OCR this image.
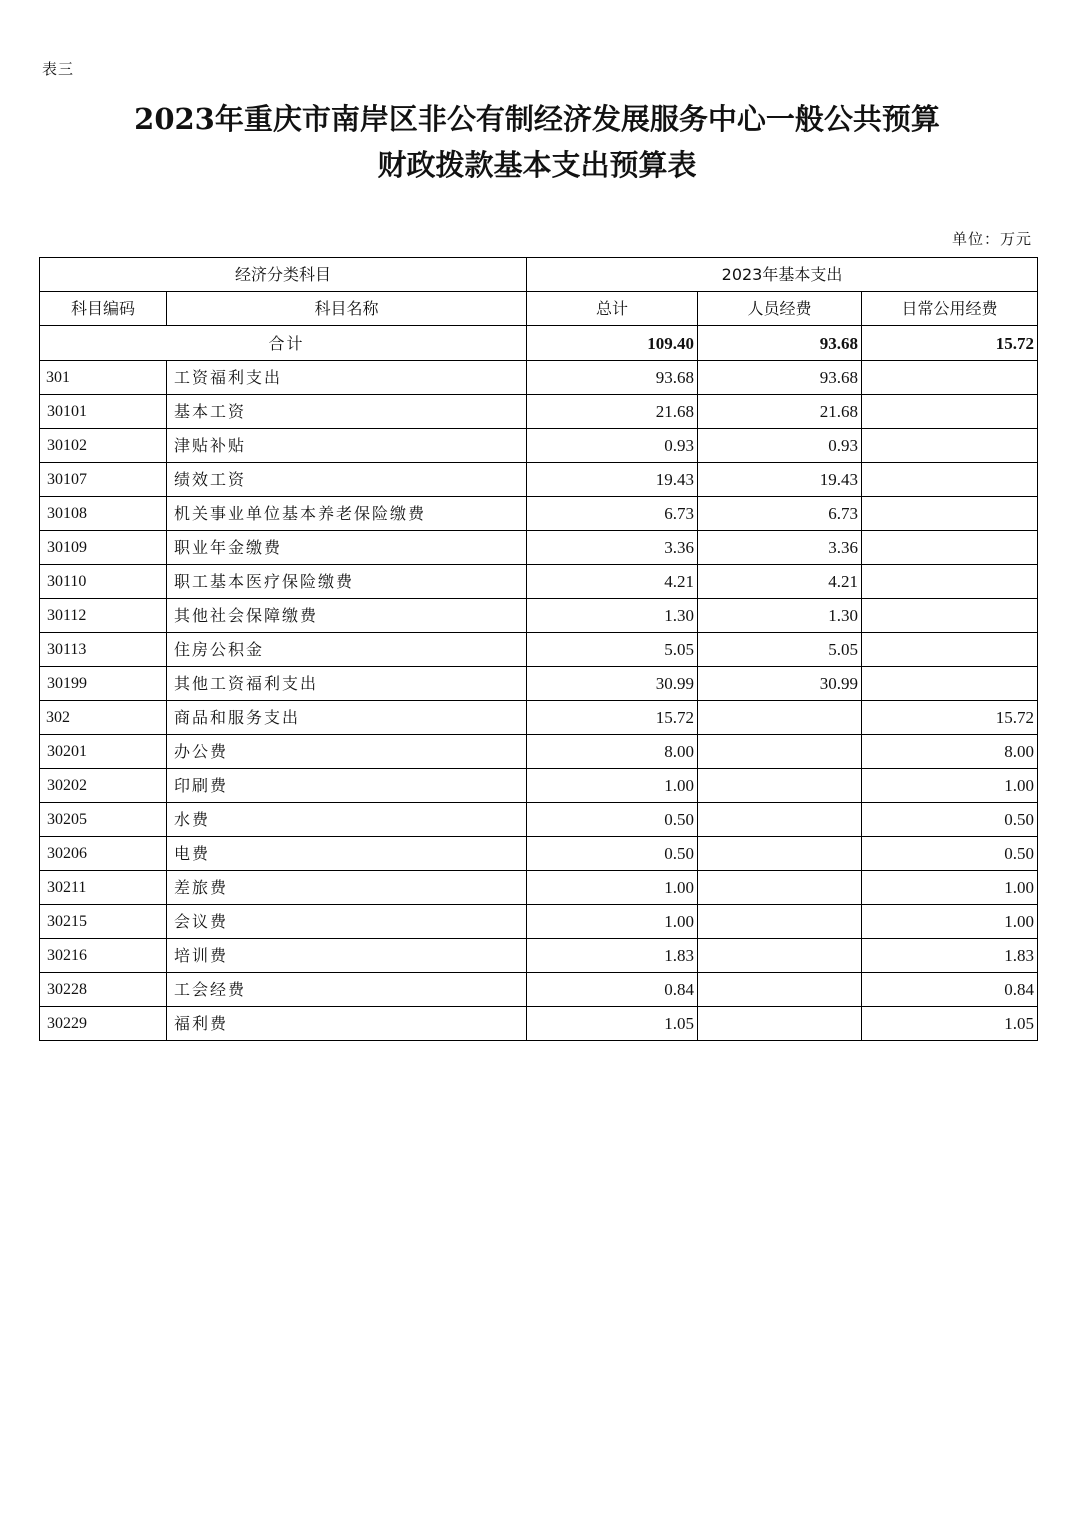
表三
2023年重庆市南岸区非公有制经济发展服务中心一般公共预算
财政拨款基本支出预算表
单位：万元
经济分类科目		2023年基本支出		
科目编码	科目名称	总计	人员经费	日常公用经费
合计		109.40	93.68	15.72
301	工资福利支出	93.68	93.68	
30101	基本工资	21.68	21.68	
30102	津贴补贴	0.93	0.93	
30107	绩效工资	19.43	19.43	
30108	机关事业单位基本养老保险缴费	6.73	6.73	
30109	职业年金缴费	3.36	3.36	
30110	职工基本医疗保险缴费	4.21	4.21	
30112	其他社会保障缴费	1.30	1.30	
30113	住房公积金	5.05	5.05	
30199	其他工资福利支出	30.99	30.99	
302	商品和服务支出	15.72		15.72
30201	办公费	8.00		8.00
30202	印刷费	1.00		1.00
30205	水费	0.50		0.50
30206	电费	0.50		0.50
30211	差旅费	1.00		1.00
30215	会议费	1.00		1.00
30216	培训费	1.83		1.83
30228	工会经费	0.84		0.84
30229	福利费	1.05		1.05
